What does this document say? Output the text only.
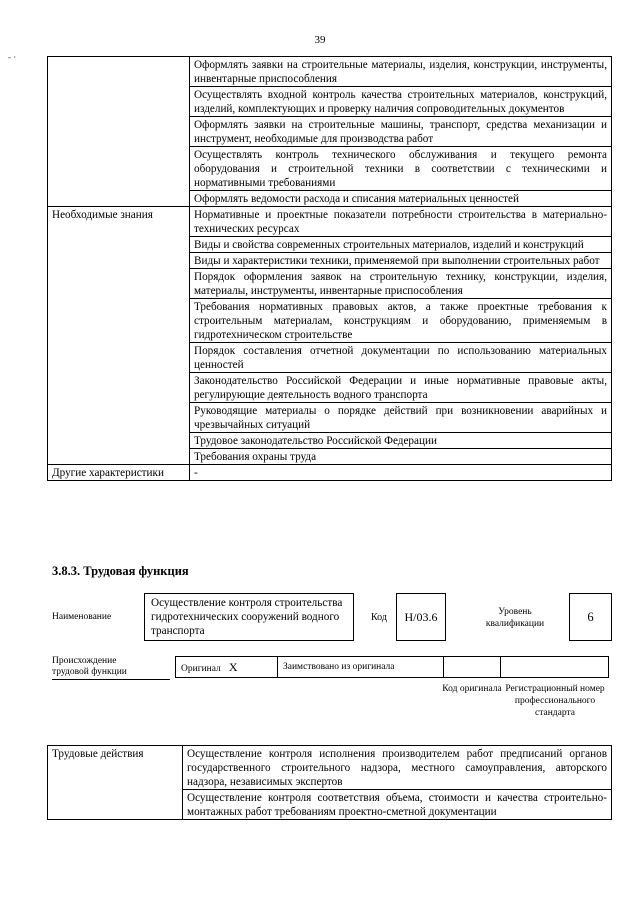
39
- ·
	Оформлять заявки на строительные материалы, изделия, конструкции, инструменты, инвентарные приспособления
	Осуществлять входной контроль качества строительных материалов, конструкций, изделий, комплектующих и проверку наличия сопроводительных документов
	Оформлять заявки на строительные машины, транспорт, средства механизации и инструмент, необходимые для производства работ
	Осуществлять контроль технического обслуживания и текущего ремонта оборудования и строительной техники в соответствии с техническими и нормативными требованиями
	Оформлять ведомости расхода и списания материальных ценностей
Необходимые знания	Нормативные и проектные показатели потребности строительства в материально-технических ресурсах
	Виды и свойства современных строительных материалов, изделий и конструкций
	Виды и характеристики техники, применяемой при выполнении строительных работ
	Порядок оформления заявок на строительную технику, конструкции, изделия, материалы, инструменты, инвентарные приспособления
	Требования нормативных правовых актов, а также проектные требования к строительным материалам, конструкциям и оборудованию, применяемым в гидротехническом строительстве
	Порядок составления отчетной документации по использованию материальных ценностей
	Законодательство Российской Федерации и иные нормативные правовые акты, регулирующие деятельность водного транспорта
	Руководящие материалы о порядке действий при возникновении аварийных и чрезвычайных ситуаций
	Трудовое законодательство Российской Федерации
	Требования охраны труда
Другие характеристики	-
3.8.3. Трудовая функция
Наименование
Осуществление контроля строительства гидротехнических сооружений водного транспорта
Код	Н/03.6	Уровень квалификации	6
Происхождение трудовой функции	Оригинал X	Заимствовано из оригинала
Код оригинала Регистрационный номер профессионального стандарта
Трудовые действия	Осуществление контроля исполнения производителем работ предписаний органов государственного строительного надзора, местного самоуправления, авторского надзора, независимых экспертов
Осуществление контроля соответствия объема, стоимости и качества строительно-монтажных работ требованиям проектно-сметной документации
